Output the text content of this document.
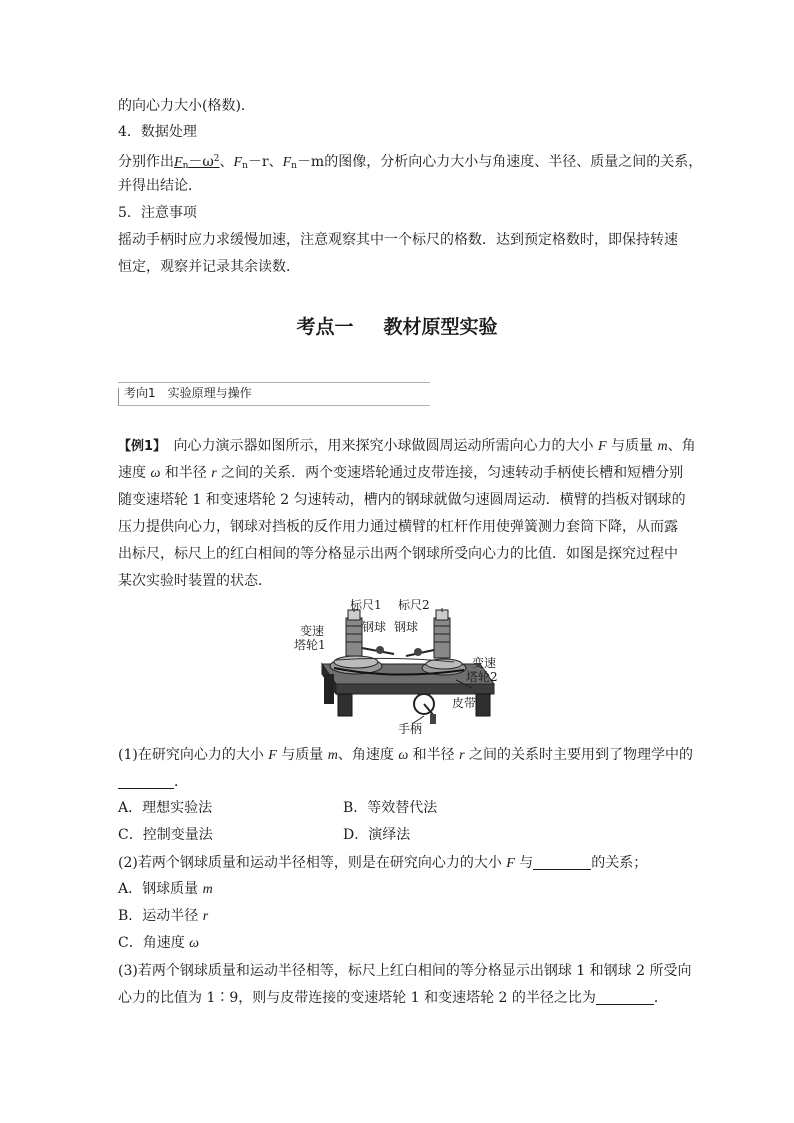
的向心力大小(格数)．
4．数据处理
分别作出$F_n-\omega^2$、$F_n-r$、$F_n-m$的图像，分析向心力大小与角速度、半径、质量之间的关系，
并得出结论．
5．注意事项
摇动手柄时应力求缓慢加速，注意观察其中一个标尺的格数．达到预定格数时，即保持转速
恒定，观察并记录其余读数．
考点一 教材原型实验
考向1　实验原理与操作
【例1】　 向心力演示器如图所示，用来探究小球做圆周运动所需向心力的大小 F 与质量 m、角
速度 ω 和半径 r 之间的关系．两个变速塔轮通过皮带连接，匀速转动手柄使长槽和短槽分别
随变速塔轮 1 和变速塔轮 2 匀速转动，槽内的钢球就做匀速圆周运动．横臂的挡板对钢球的
压力提供向心力，钢球对挡板的反作用力通过横臂的杠杆作用使弹簧测力套筒下降，从而露
出标尺，标尺上的红白相间的等分格显示出两个钢球所受向心力的比值．如图是探究过程中
某次实验时装置的状态．
标尺1 标尺2
钢球 钢球
变速
塔轮1
变速
塔轮2
皮带
手柄
(1)在研究向心力的大小 F 与质量 m、角速度 ω 和半径 r 之间的关系时主要用到了物理学中的
．
A．理想实验法	B．等效替代法
C．控制变量法	D．演绎法
(2)若两个钢球质量和运动半径相等，则是在研究向心力的大小 F 与	的关系；
A．钢球质量 m
B．运动半径 r
C．角速度 ω
(3)若两个钢球质量和运动半径相等，标尺上红白相间的等分格显示出钢球 1 和钢球 2 所受向
心力的比值为 1∶9，则与皮带连接的变速塔轮 1 和变速塔轮 2 的半径之比为	．
